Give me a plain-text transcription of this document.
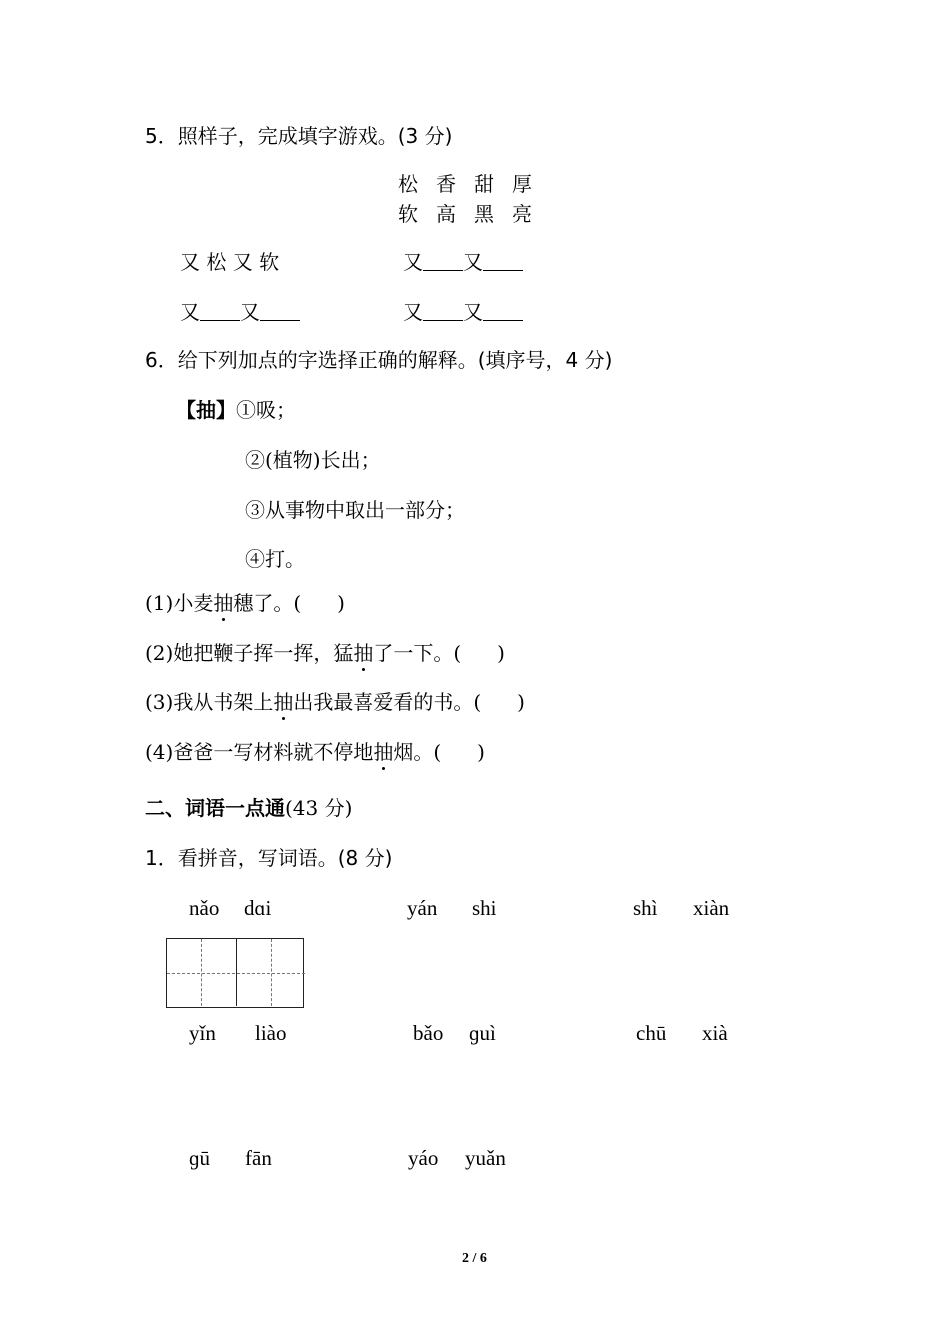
5．照样子，完成填字游戏。(3 分)
松香甜厚
软高黑亮
又 松 又 软	又 又
又 又	又 又
6．给下列加点的字选择正确的解释。(填序号，4 分)
【抽】①吸；
②(植物)长出；
③从事物中取出一部分；
④打。
(1)小麦抽穗了。( )
(2)她把鞭子挥一挥，猛抽了一下。( )
(3)我从书架上抽出我最喜爱看的书。( )
(4)爸爸一写材料就不停地抽烟。( )
二、词语一点通(43 分)
1．看拼音，写词语。(8 分)
nǎo dɑi	yán shi	shì xiàn
yǐn liào	bǎo ɡuì	chū xià
ɡū fān	yáo yuǎn
2 / 6
